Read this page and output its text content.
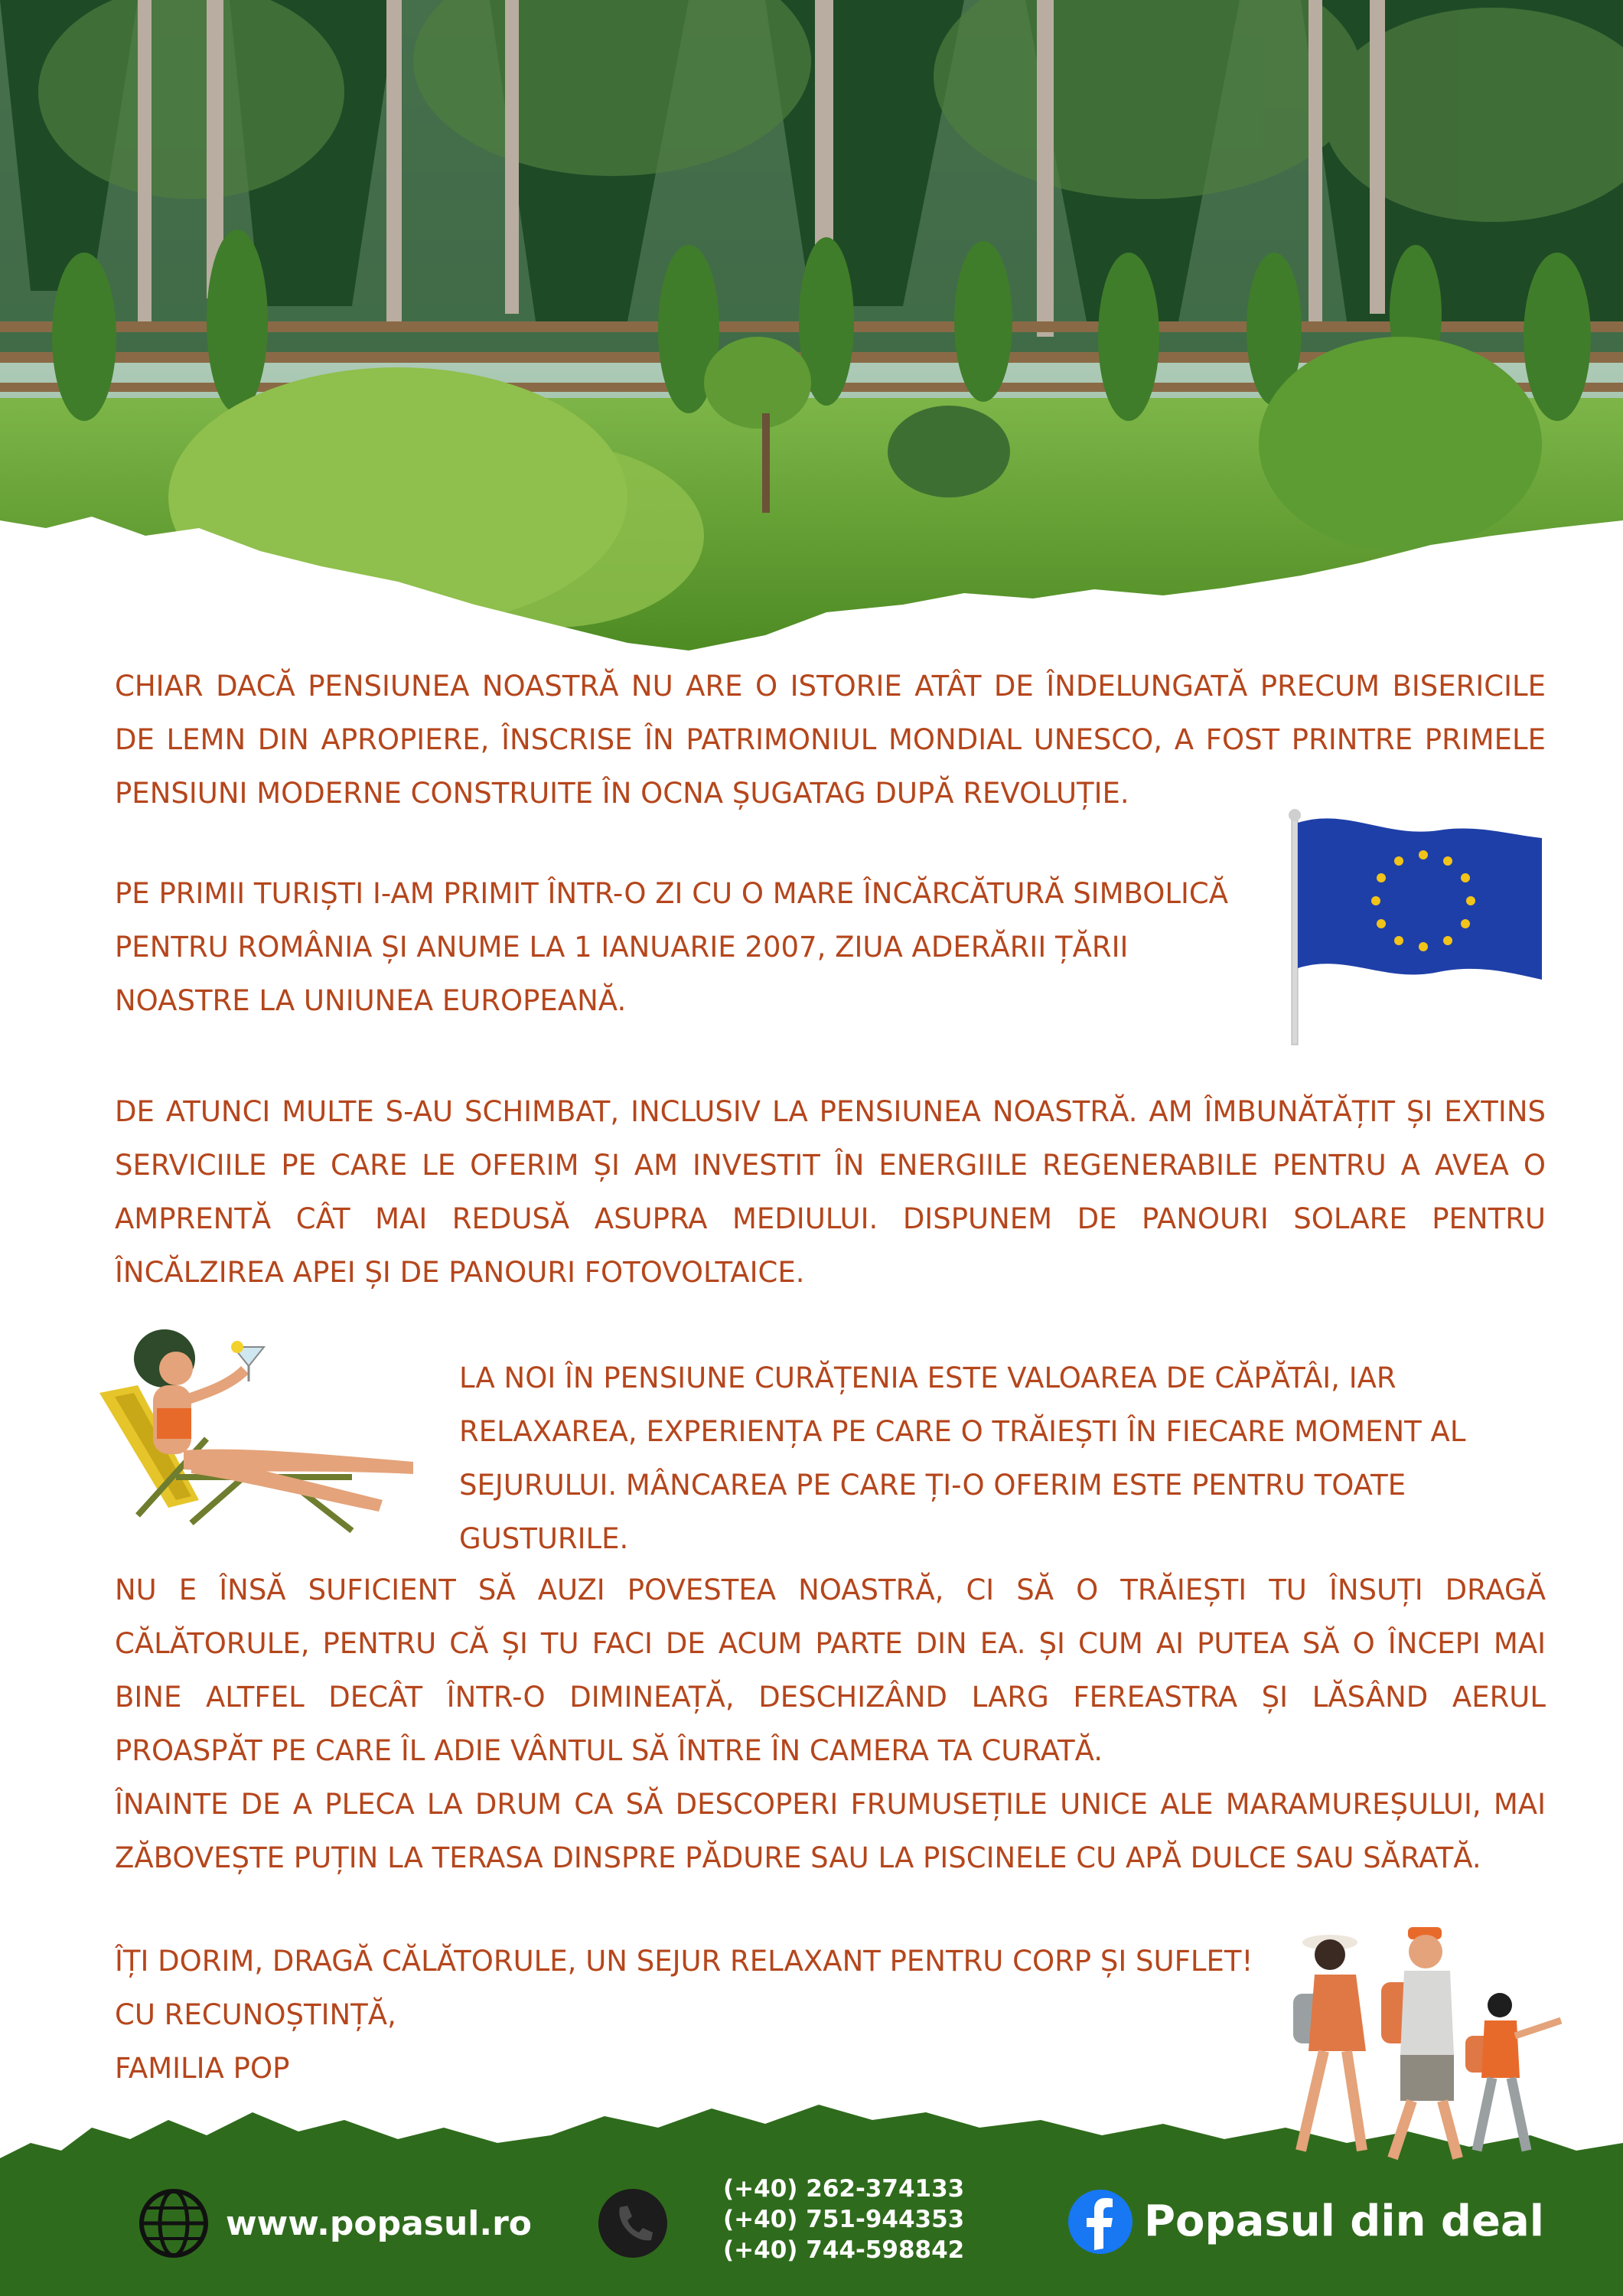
CHIAR DACĂ PENSIUNEA NOASTRĂ NU ARE O ISTORIE ATÂT DE ÎNDELUNGATĂ PRECUM BISERICILE DE LEMN DIN APROPIERE, ÎNSCRISE ÎN PATRIMONIUL MONDIAL UNESCO, A FOST PRINTRE PRIMELE PENSIUNI MODERNE CONSTRUITE ÎN OCNA ȘUGATAG DUPĂ REVOLUȚIE.
PE PRIMII TURIȘTI I-AM PRIMIT ÎNTR-O ZI CU O MARE ÎNCĂRCĂTURĂ SIMBOLICĂ PENTRU ROMÂNIA ȘI ANUME LA 1 IANUARIE 2007, ZIUA ADERĂRII ȚĂRII NOASTRE LA UNIUNEA EUROPEANĂ.
DE ATUNCI MULTE S-AU SCHIMBAT, INCLUSIV LA PENSIUNEA NOASTRĂ. AM ÎMBUNĂTĂȚIT ȘI EXTINS SERVICIILE PE CARE LE OFERIM ȘI AM INVESTIT ÎN ENERGIILE REGENERABILE PENTRU A AVEA O AMPRENTĂ CÂT MAI REDUSĂ ASUPRA MEDIULUI. DISPUNEM DE PANOURI SOLARE PENTRU ÎNCĂLZIREA APEI ȘI DE PANOURI FOTOVOLTAICE.
LA NOI ÎN PENSIUNE CURĂȚENIA ESTE VALOAREA DE CĂPĂTÂI, IAR RELAXAREA, EXPERIENȚA PE CARE O TRĂIEȘTI ÎN FIECARE MOMENT AL SEJURULUI. MÂNCAREA PE CARE ȚI-O OFERIM ESTE PENTRU TOATE GUSTURILE.
NU E ÎNSĂ SUFICIENT SĂ AUZI POVESTEA NOASTRĂ, CI SĂ O TRĂIEȘTI TU ÎNSUȚI DRAGĂ CĂLĂTORULE, PENTRU CĂ ȘI TU FACI DE ACUM PARTE DIN EA. ȘI CUM AI PUTEA SĂ O ÎNCEPI MAI BINE ALTFEL DECÂT ÎNTR-O DIMINEAȚĂ, DESCHIZÂND LARG FEREASTRA ȘI LĂSÂND AERUL PROASPĂT PE CARE ÎL ADIE VÂNTUL SĂ ÎNTRE ÎN CAMERA TA CURATĂ.
ÎNAINTE DE A PLECA LA DRUM CA SĂ DESCOPERI FRUMUSEȚILE UNICE ALE MARAMUREȘULUI, MAI ZĂBOVEȘTE PUȚIN LA TERASA DINSPRE PĂDURE SAU LA PISCINELE CU APĂ DULCE SAU SĂRATĂ.
ÎȚI DORIM, DRAGĂ CĂLĂTORULE, UN SEJUR RELAXANT PENTRU CORP ȘI SUFLET!
CU RECUNOȘTINȚĂ,
FAMILIA POP
www.popasul.ro
(+40) 262-374133
(+40) 751-944353
(+40) 744-598842
Popasul din deal
